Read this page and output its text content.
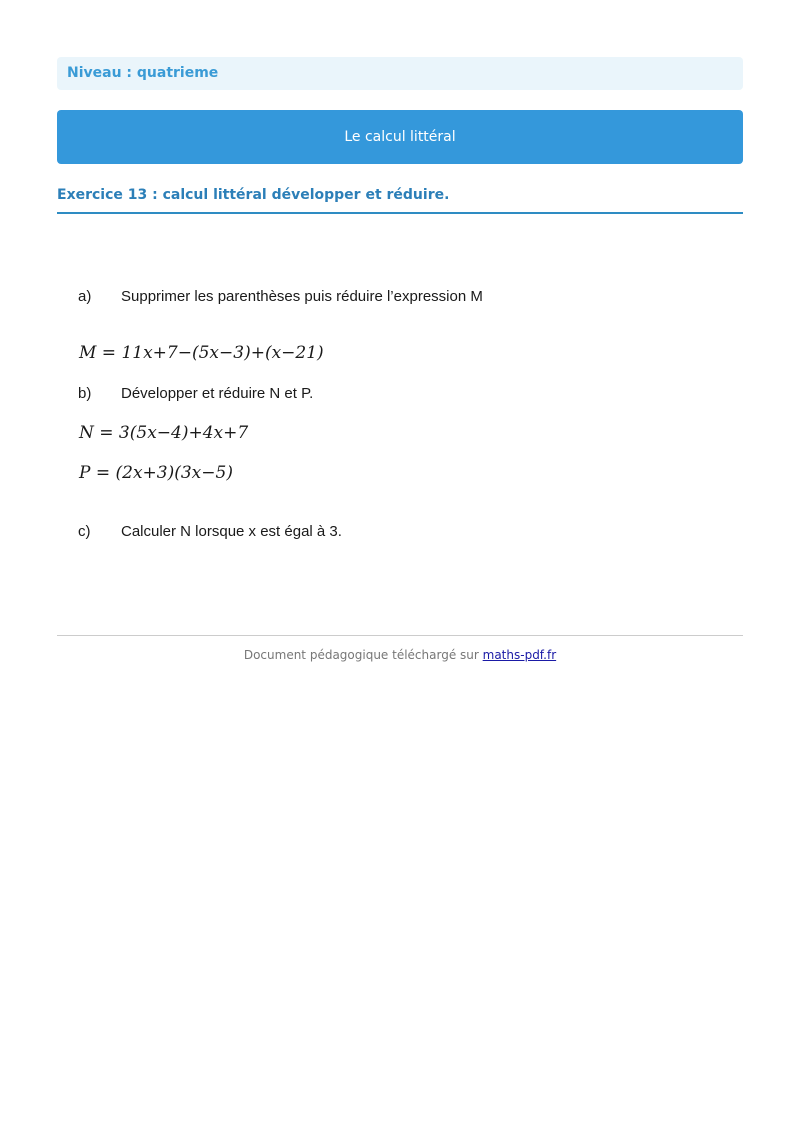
Niveau : quatrieme
Le calcul littéral
Exercice 13 : calcul littéral développer et réduire.
a) Supprimer les parenthèses puis réduire l’expression M
M = 11x+7−(5x−3)+(x−21)
b) Développer et réduire N et P.
N = 3(5x−4)+4x+7
P = (2x+3)(3x−5)
c) Calculer N lorsque x est égal à 3.
Document pédagogique téléchargé sur maths-pdf.fr
